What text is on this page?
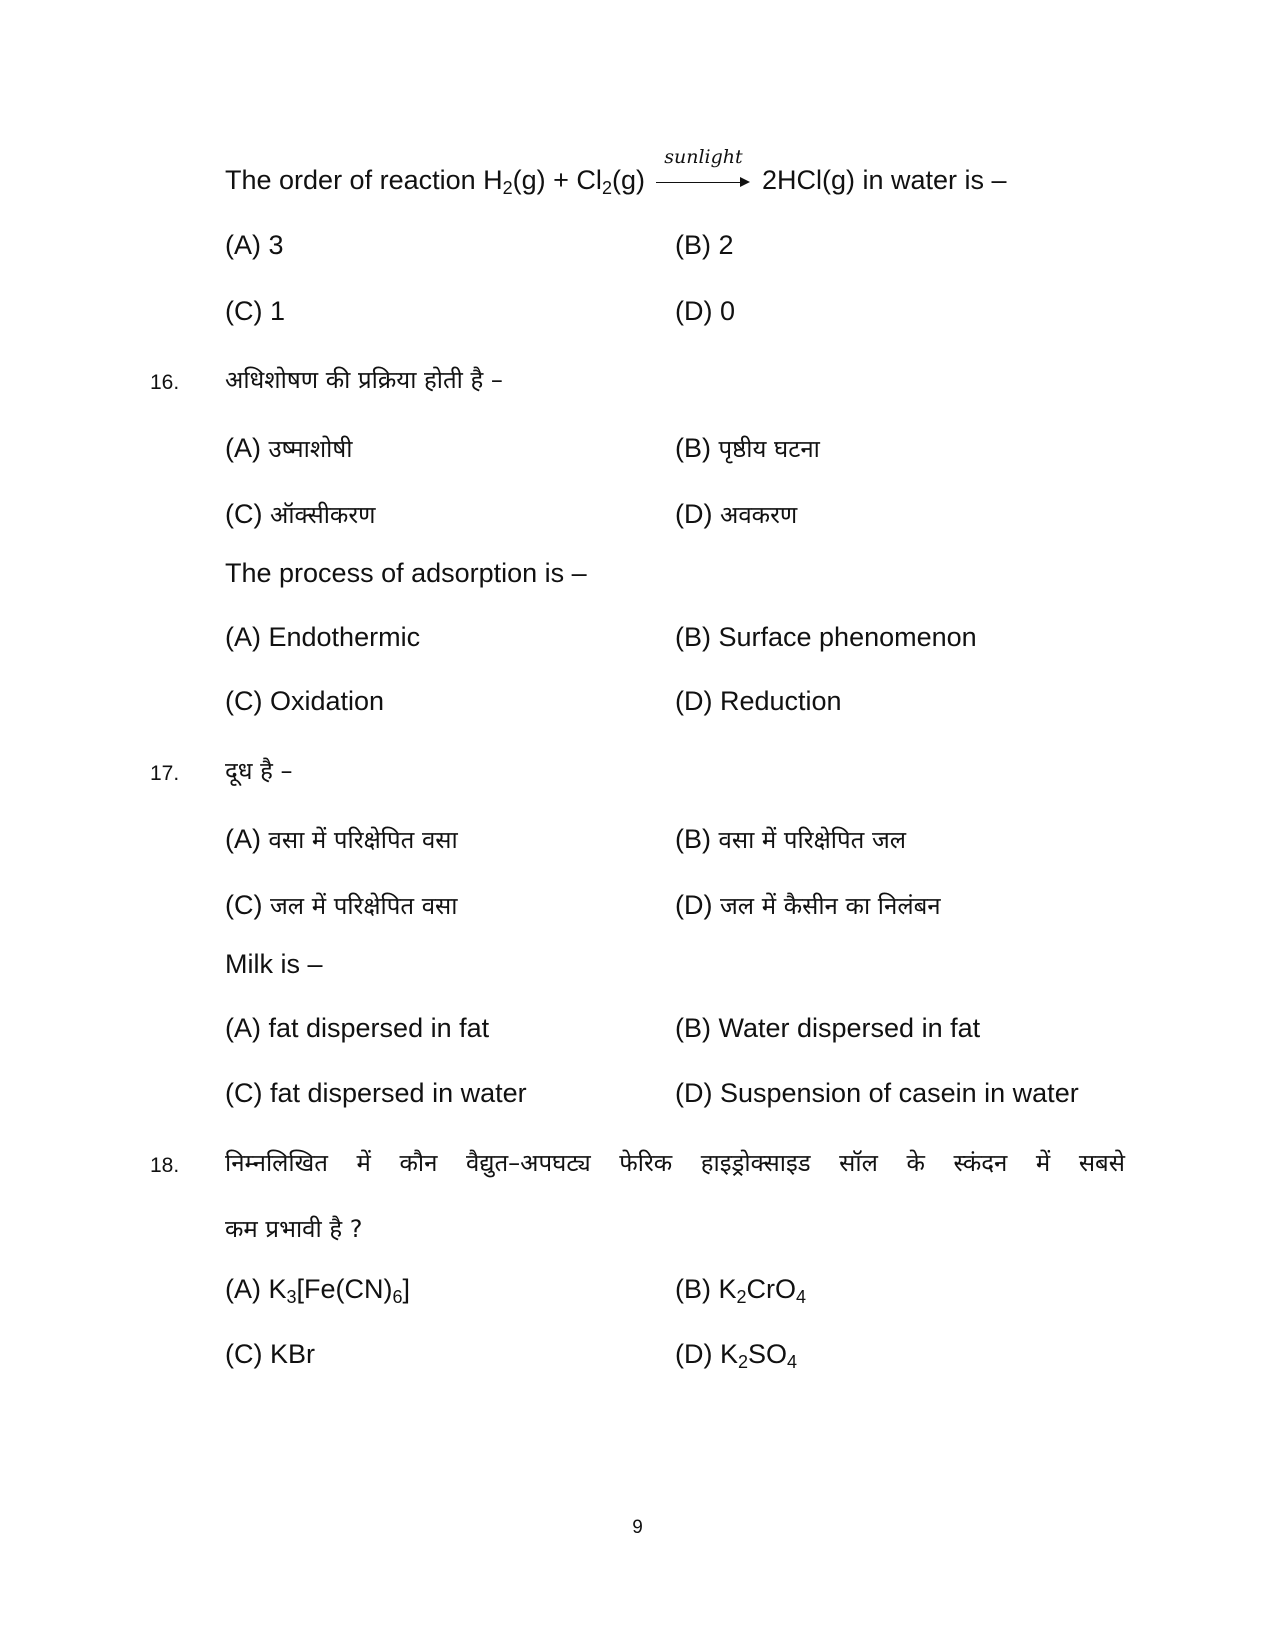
The order of reaction $H_2(g) + Cl_2(g)$
sunlight
2HCl(g) in water is –
(A) 3	(B) 2
(C) 1	(D) 0
16. अधिशोषण की प्रक्रिया होती है –
(A) उष्माशोषी	(B) पृष्ठीय घटना
(C) ऑक्सीकरण	(D) अवकरण
The process of adsorption is –
(A) Endothermic	(B) Surface phenomenon
(C) Oxidation	(D) Reduction
17. दूध है –
(A) वसा में परिक्षेपित वसा	(B) वसा में परिक्षेपित जल
(C) जल में परिक्षेपित वसा	(D) जल में कैसीन का निलंबन
Milk is –
(A) fat dispersed in fat	(B) Water dispersed in fat
(C) fat dispersed in water	(D) Suspension of casein in water
18. निम्नलिखित में कौन वैद्युत–अपघट्य फेरिक हाइड्रोक्साइड सॉल के स्कंदन में सबसे
कम प्रभावी है ?
(A) $K_3[Fe(CN)_6]$	(B) $K_2CrO_4$
(C) KBr	(D) $K_2SO_4$
9
